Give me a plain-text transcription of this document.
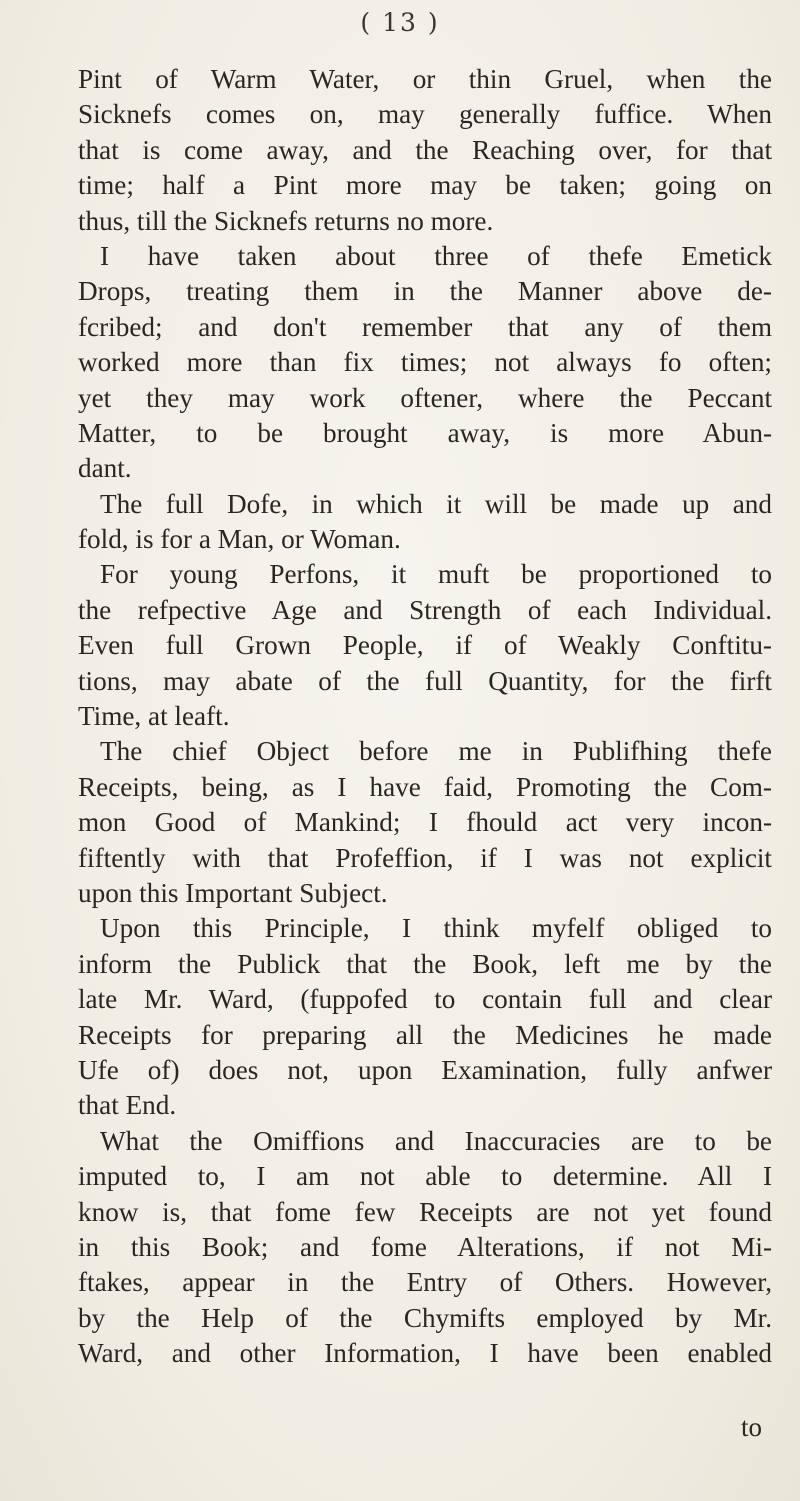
( 13 )
Pint of Warm Water, or thin Gruel, when the
Sicknefs comes on, may generally fuffice. When
that is come away, and the Reaching over, for that
time; half a Pint more may be taken; going on
thus, till the Sicknefs returns no more.
I have taken about three of thefe Emetick
Drops, treating them in the Manner above de-
fcribed; and don't remember that any of them
worked more than fix times; not always fo often;
yet they may work oftener, where the Peccant
Matter, to be brought away, is more Abun-
dant.
The full Dofe, in which it will be made up and
fold, is for a Man, or Woman.
For young Perfons, it muft be proportioned to
the refpective Age and Strength of each Individual.
Even full Grown People, if of Weakly Conftitu-
tions, may abate of the full Quantity, for the firft
Time, at leaft.
The chief Object before me in Publifhing thefe
Receipts, being, as I have faid, Promoting the Com-
mon Good of Mankind; I fhould act very incon-
fiftently with that Profeffion, if I was not explicit
upon this Important Subject.
Upon this Principle, I think myfelf obliged to
inform the Publick that the Book, left me by the
late Mr. Ward, (fuppofed to contain full and clear
Receipts for preparing all the Medicines he made
Ufe of) does not, upon Examination, fully anfwer
that End.
What the Omiffions and Inaccuracies are to be
imputed to, I am not able to determine. All I
know is, that fome few Receipts are not yet found
in this Book; and fome Alterations, if not Mi-
ftakes, appear in the Entry of Others. However,
by the Help of the Chymifts employed by Mr.
Ward, and other Information, I have been enabled
to
